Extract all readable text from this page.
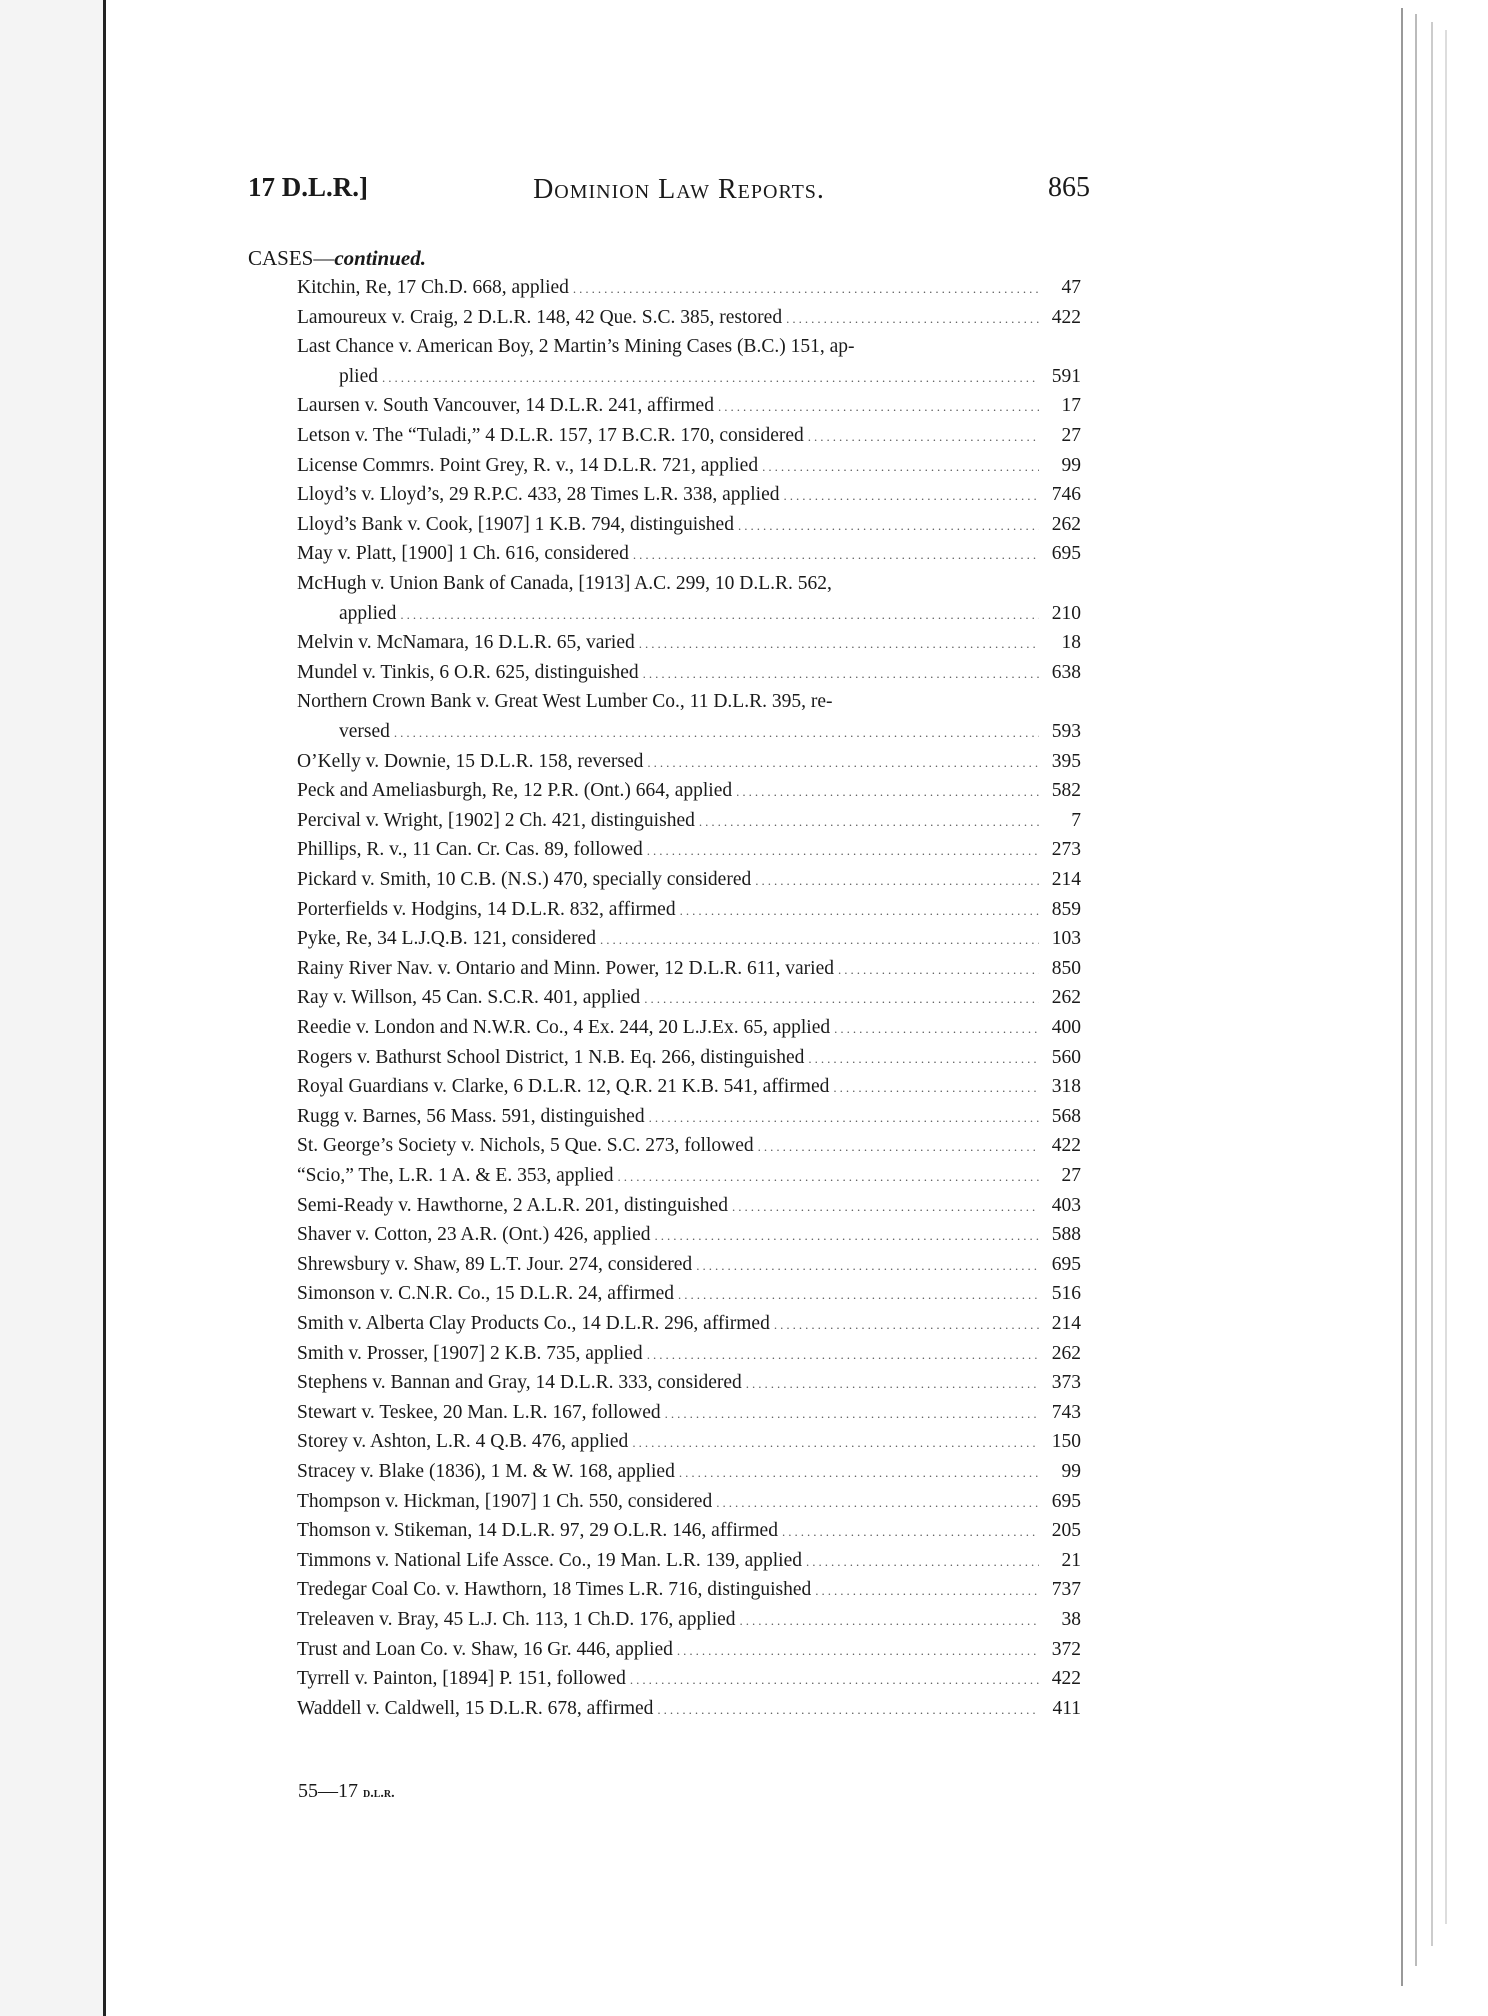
17 D.L.R.]	Dominion Law Reports.	865
CASES—continued.
Kitchin, Re, 17 Ch.D. 668, applied .....	47
Lamoureux v. Craig, 2 D.L.R. 148, 42 Que. S.C. 385, restored .....	422
Last Chance v. American Boy, 2 Martin’s Mining Cases (B.C.) 151, ap-
plied .....	591
Laursen v. South Vancouver, 14 D.L.R. 241, affirmed .....	17
Letson v. The “Tuladi,” 4 D.L.R. 157, 17 B.C.R. 170, considered .....	27
License Commrs. Point Grey, R. v., 14 D.L.R. 721, applied .....	99
Lloyd’s v. Lloyd’s, 29 R.P.C. 433, 28 Times L.R. 338, applied .....	746
Lloyd’s Bank v. Cook, [1907] 1 K.B. 794, distinguished .....	262
May v. Platt, [1900] 1 Ch. 616, considered .....	695
McHugh v. Union Bank of Canada, [1913] A.C. 299, 10 D.L.R. 562,
applied .....	210
Melvin v. McNamara, 16 D.L.R. 65, varied .....	18
Mundel v. Tinkis, 6 O.R. 625, distinguished .....	638
Northern Crown Bank v. Great West Lumber Co., 11 D.L.R. 395, re-
versed .....	593
O’Kelly v. Downie, 15 D.L.R. 158, reversed .....	395
Peck and Ameliasburgh, Re, 12 P.R. (Ont.) 664, applied .....	582
Percival v. Wright, [1902] 2 Ch. 421, distinguished .....	7
Phillips, R. v., 11 Can. Cr. Cas. 89, followed .....	273
Pickard v. Smith, 10 C.B. (N.S.) 470, specially considered .....	214
Porterfields v. Hodgins, 14 D.L.R. 832, affirmed .....	859
Pyke, Re, 34 L.J.Q.B. 121, considered .....	103
Rainy River Nav. v. Ontario and Minn. Power, 12 D.L.R. 611, varied .....	850
Ray v. Willson, 45 Can. S.C.R. 401, applied .....	262
Reedie v. London and N.W.R. Co., 4 Ex. 244, 20 L.J.Ex. 65, applied .....	400
Rogers v. Bathurst School District, 1 N.B. Eq. 266, distinguished .....	560
Royal Guardians v. Clarke, 6 D.L.R. 12, Q.R. 21 K.B. 541, affirmed .....	318
Rugg v. Barnes, 56 Mass. 591, distinguished .....	568
St. George’s Society v. Nichols, 5 Que. S.C. 273, followed .....	422
“Scio,” The, L.R. 1 A. & E. 353, applied .....	27
Semi-Ready v. Hawthorne, 2 A.L.R. 201, distinguished .....	403
Shaver v. Cotton, 23 A.R. (Ont.) 426, applied .....	588
Shrewsbury v. Shaw, 89 L.T. Jour. 274, considered .....	695
Simonson v. C.N.R. Co., 15 D.L.R. 24, affirmed .....	516
Smith v. Alberta Clay Products Co., 14 D.L.R. 296, affirmed .....	214
Smith v. Prosser, [1907] 2 K.B. 735, applied .....	262
Stephens v. Bannan and Gray, 14 D.L.R. 333, considered .....	373
Stewart v. Teskee, 20 Man. L.R. 167, followed .....	743
Storey v. Ashton, L.R. 4 Q.B. 476, applied .....	150
Stracey v. Blake (1836), 1 M. & W. 168, applied .....	99
Thompson v. Hickman, [1907] 1 Ch. 550, considered .....	695
Thomson v. Stikeman, 14 D.L.R. 97, 29 O.L.R. 146, affirmed .....	205
Timmons v. National Life Assce. Co., 19 Man. L.R. 139, applied .....	21
Tredegar Coal Co. v. Hawthorn, 18 Times L.R. 716, distinguished .....	737
Treleaven v. Bray, 45 L.J. Ch. 113, 1 Ch.D. 176, applied .....	38
Trust and Loan Co. v. Shaw, 16 Gr. 446, applied .....	372
Tyrrell v. Painton, [1894] P. 151, followed .....	422
Waddell v. Caldwell, 15 D.L.R. 678, affirmed .....	411
55—17 d.l.r.
